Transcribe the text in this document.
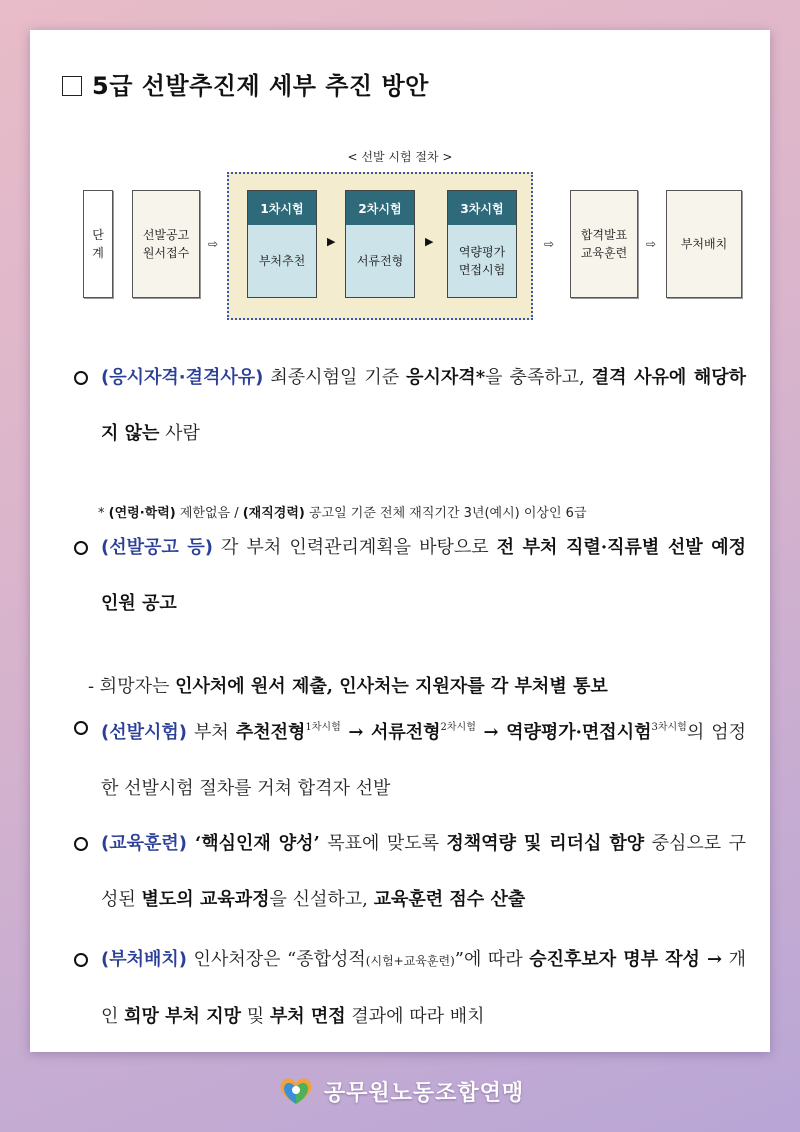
5급 선발추진제 세부 추진 방안
< 선발 시험 절차 >
단
계
선발공고
원서접수
⇨
1차시험
부처추천
▶
2차시험
서류전형
▶
3차시험
역량평가
면접시험
⇨
합격발표
교육훈련
⇨	부처배치
(응시자격·결격사유) 최종시험일 기준 응시자격*을 충족하고, 결격 사유에 해당하지 않는 사람
* (연령·학력) 제한없음 / (재직경력) 공고일 기준 전체 재직기간 3년(예시) 이상인 6급
(선발공고 등) 각 부처 인력관리계획을 바탕으로 전 부처 직렬·직류별 선발 예정 인원 공고
- 희망자는 인사처에 원서 제출, 인사처는 지원자를 각 부처별 통보
(선발시험) 부처 추천전형$^{1차시험}$ → 서류전형$^{2차시험}$ → 역량평가·면접시험$^{3차시험}$의 엄정한 선발시험 절차를 거쳐 합격자 선발
(교육훈련) ‘핵심인재 양성’ 목표에 맞도록 정책역량 및 리더십 함양 중심으로 구성된 별도의 교육과정을 신설하고, 교육훈련 점수 산출
(부처배치) 인사처장은 “종합성적(시험+교육훈련)”에 따라 승진후보자 명부 작성 → 개인 희망 부처 지망 및 부처 면접 결과에 따라 배치
공무원노동조합연맹
